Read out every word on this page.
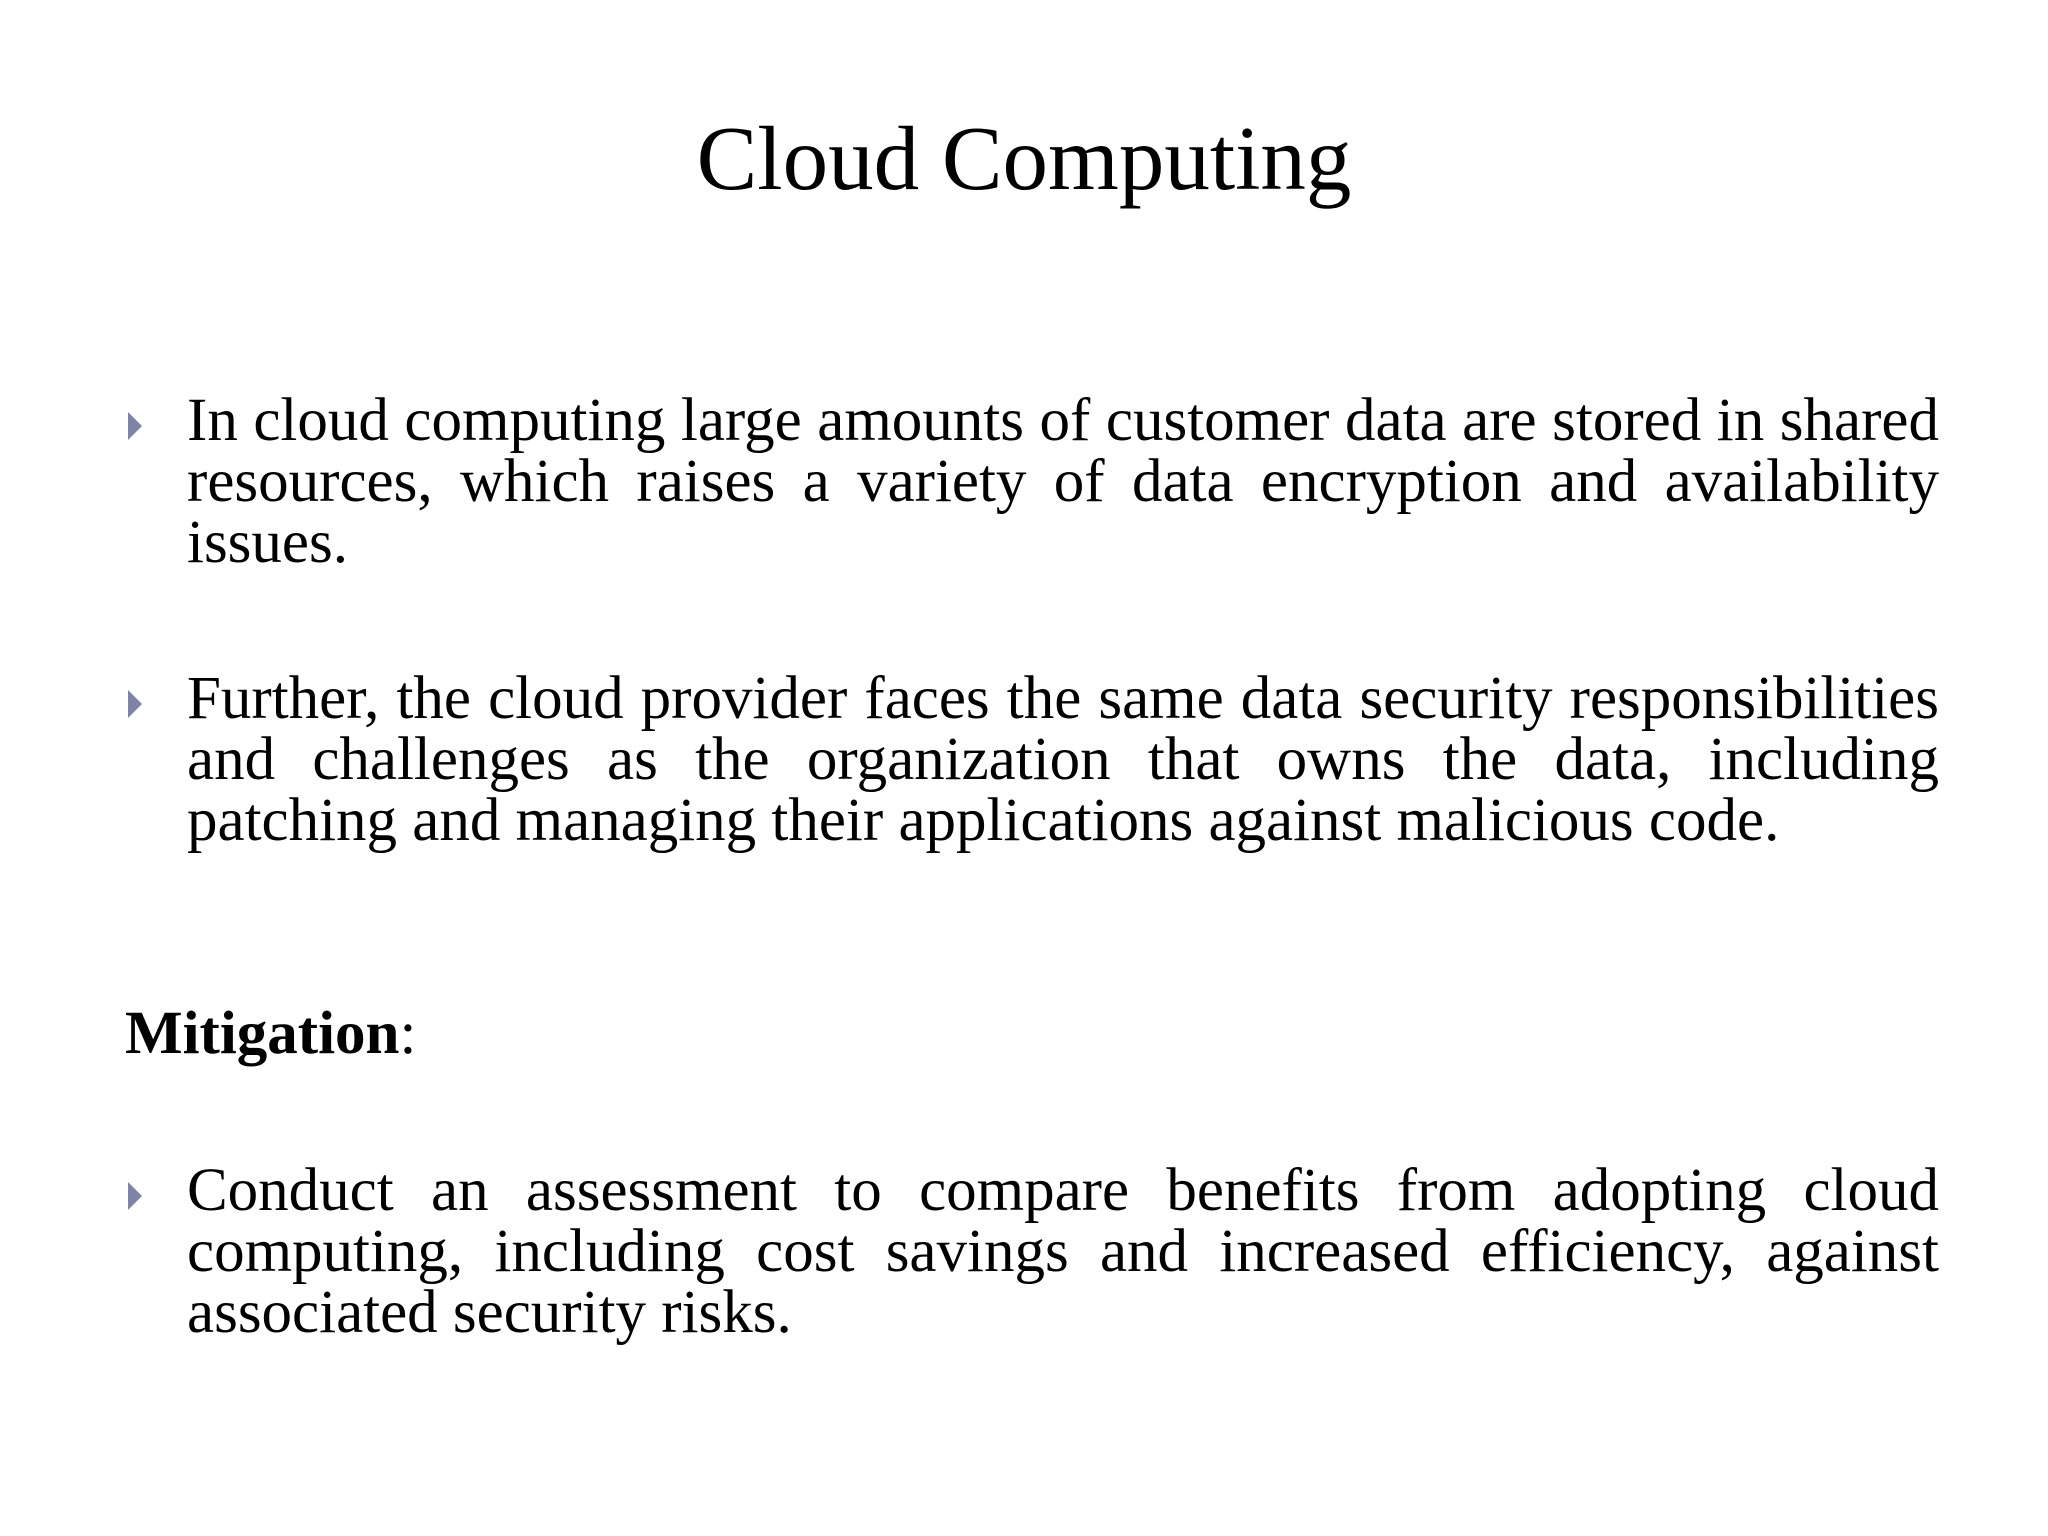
Cloud Computing

In cloud computing large amounts of customer data are stored in shared resources, which raises a variety of data encryption and availability issues.

Further, the cloud provider faces the same data security responsibilities and challenges as the organization that owns the data, including patching and managing their applications against malicious code.

Mitigation:

Conduct an assessment to compare benefits from adopting cloud computing, including cost savings and increased efficiency, against associated security risks.
